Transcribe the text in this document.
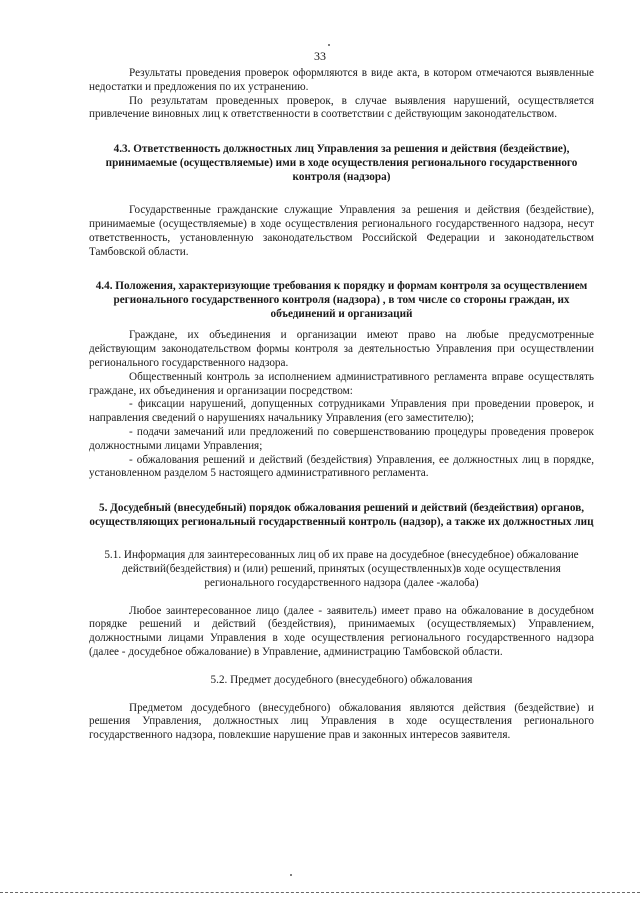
33

Результаты проведения проверок оформляются в виде акта, в котором отмечаются выявленные недостатки и предложения по их устранению.

По результатам проведенных проверок, в случае выявления нарушений, осуществляется привлечение виновных лиц к ответственности в соответствии с действующим законодательством.

4.3. Ответственность должностных лиц Управления за решения и действия (бездействие), принимаемые (осуществляемые) ими в ходе осуществления регионального государственного контроля (надзора)

Государственные гражданские служащие Управления за решения и действия (бездействие), принимаемые (осуществляемые) в ходе осуществления регионального государственного надзора, несут ответственность, установленную законодательством Российской Федерации и законодательством Тамбовской области.

4.4. Положения, характеризующие требования к порядку и формам контроля за осуществлением регионального государственного контроля (надзора) , в том числе со стороны граждан, их объединений и организаций

Граждане, их объединения и организации имеют право на любые предусмотренные действующим законодательством формы контроля за деятельностью Управления при осуществлении регионального государственного надзора.

Общественный контроль за исполнением административного регламента вправе осуществлять граждане, их объединения и организации посредством:

- фиксации нарушений, допущенных сотрудниками Управления при проведении проверок, и направления сведений о нарушениях начальнику Управления (его заместителю);

- подачи замечаний или предложений по совершенствованию процедуры проведения проверок должностными лицами Управления;

- обжалования решений и действий (бездействия) Управления, ее должностных лиц в порядке, установленном разделом 5 настоящего административного регламента.

5. Досудебный (внесудебный) порядок обжалования решений и действий (бездействия) органов, осуществляющих региональный государственный контроль (надзор), а также их должностных лиц

5.1. Информация для заинтересованных лиц об их праве на досудебное (внесудебное) обжалование действий(бездействия) и (или) решений, принятых (осуществленных)в ходе осуществления регионального государственного надзора (далее -жалоба)

Любое заинтересованное лицо (далее - заявитель) имеет право на обжалование в досудебном порядке решений и действий (бездействия), принимаемых (осуществляемых) Управлением, должностными лицами Управления в ходе осуществления регионального государственного надзора (далее - досудебное обжалование) в Управление, администрацию Тамбовской области.

5.2. Предмет досудебного (внесудебного) обжалования

Предметом досудебного (внесудебного) обжалования являются действия (бездействие) и решения Управления, должностных лиц Управления в ходе осуществления регионального государственного надзора, повлекшие нарушение прав и законных интересов заявителя.
